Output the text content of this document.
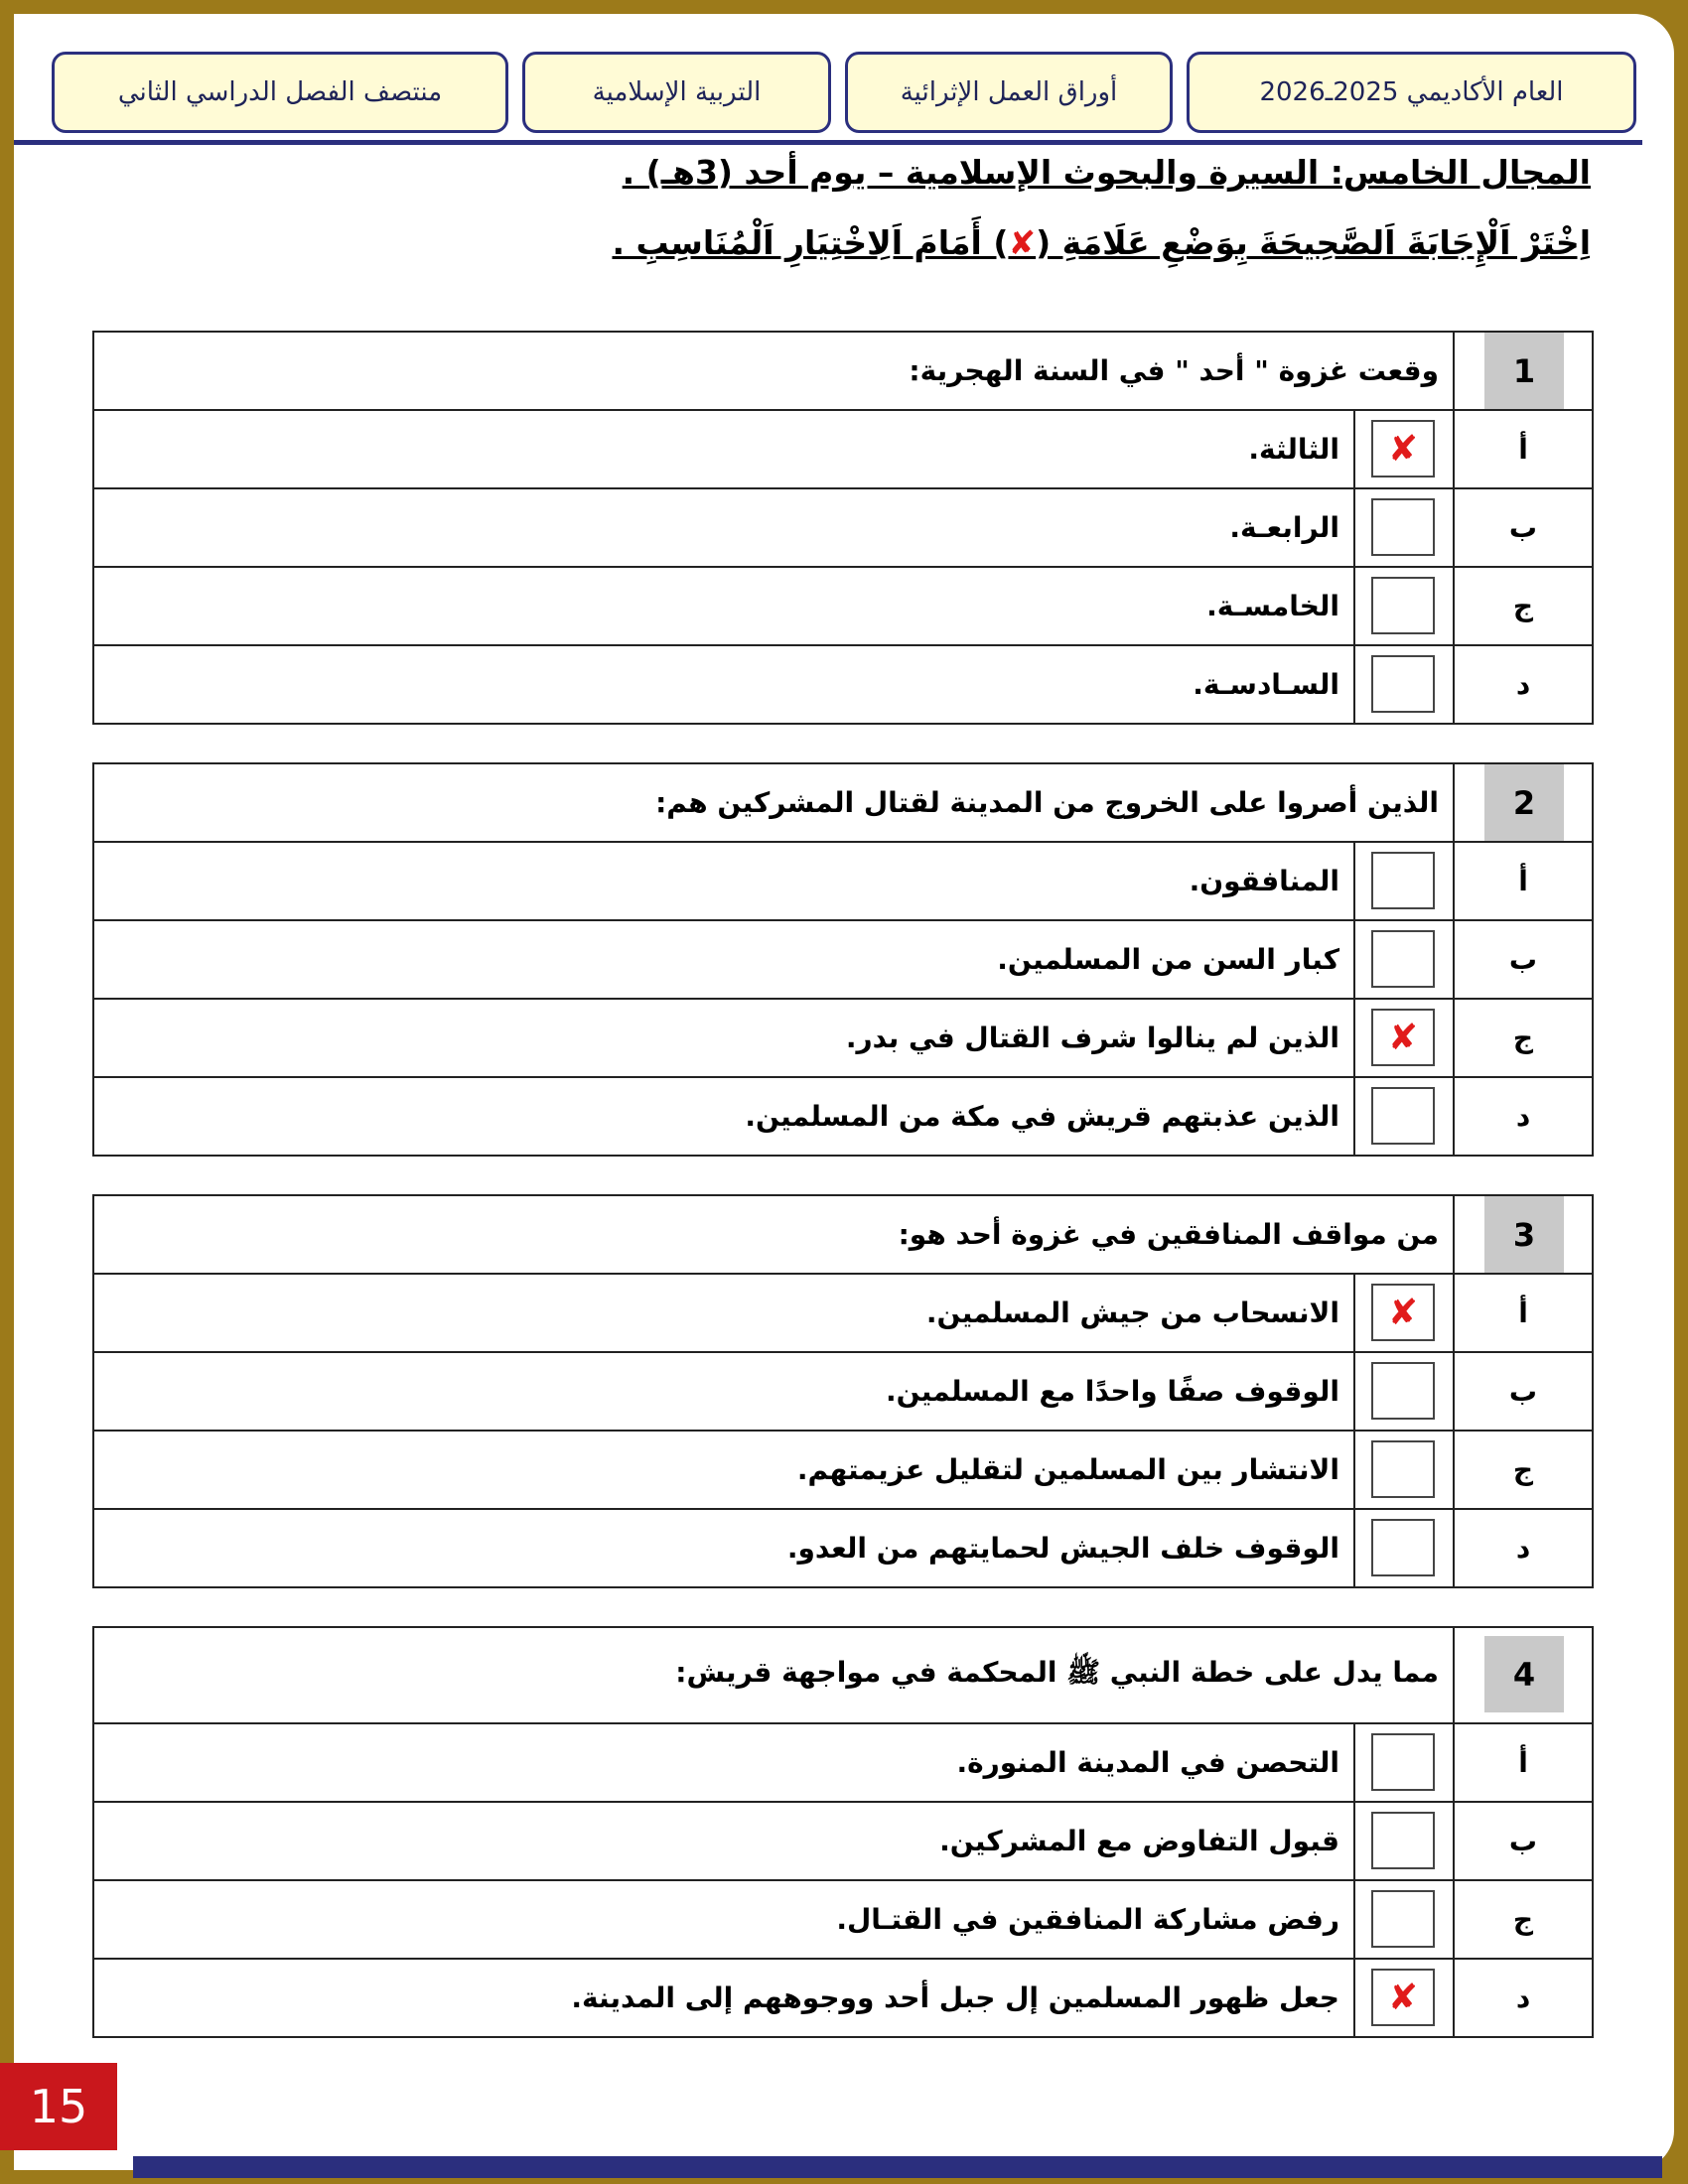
العام الأكاديمي 2025ـ2026
أوراق العمل الإثرائية
التربية الإسلامية
منتصف الفصل الدراسي الثاني
المجال الخامس: السيرة والبحوث الإسلامية – يوم أحد (3هـ) .
اِخْتَرْ اَلْإِجَابَةَ اَلصَّحِيحَةَ بِوَضْعِ عَلَامَةِ (✘) أَمَامَ اَلِاخْتِيَارِ اَلْمُنَاسِبِ .
1	وقعت غزوة " أحد " في السنة الهجرية:	
أ	✘	الثالثة.
ب		الرابعـة.
ج		الخامسـة.
د		السـادسـة.
2	الذين أصروا على الخروج من المدينة لقتال المشركين هم:	
أ		المنافقون.
ب		كبار السن من المسلمين.
ج	✘	الذين لم ينالوا شرف القتال في بدر.
د		الذين عذبتهم قريش في مكة من المسلمين.
3	من مواقف المنافقين في غزوة أحد هو:	
أ	✘	الانسحاب من جيش المسلمين.
ب		الوقوف صفًا واحدًا مع المسلمين.
ج		الانتشار بين المسلمين لتقليل عزيمتهم.
د		الوقوف خلف الجيش لحمايتهم من العدو.
4	مما يدل على خطة النبي ﷺ المحكمة في مواجهة قريش:	
أ		التحصن في المدينة المنورة.
ب		قبول التفاوض مع المشركين.
ج		رفض مشاركة المنافقين في القتـال.
د	✘	جعل ظهور المسلمين إل جبل أحد ووجوههم إلى المدينة.
15
